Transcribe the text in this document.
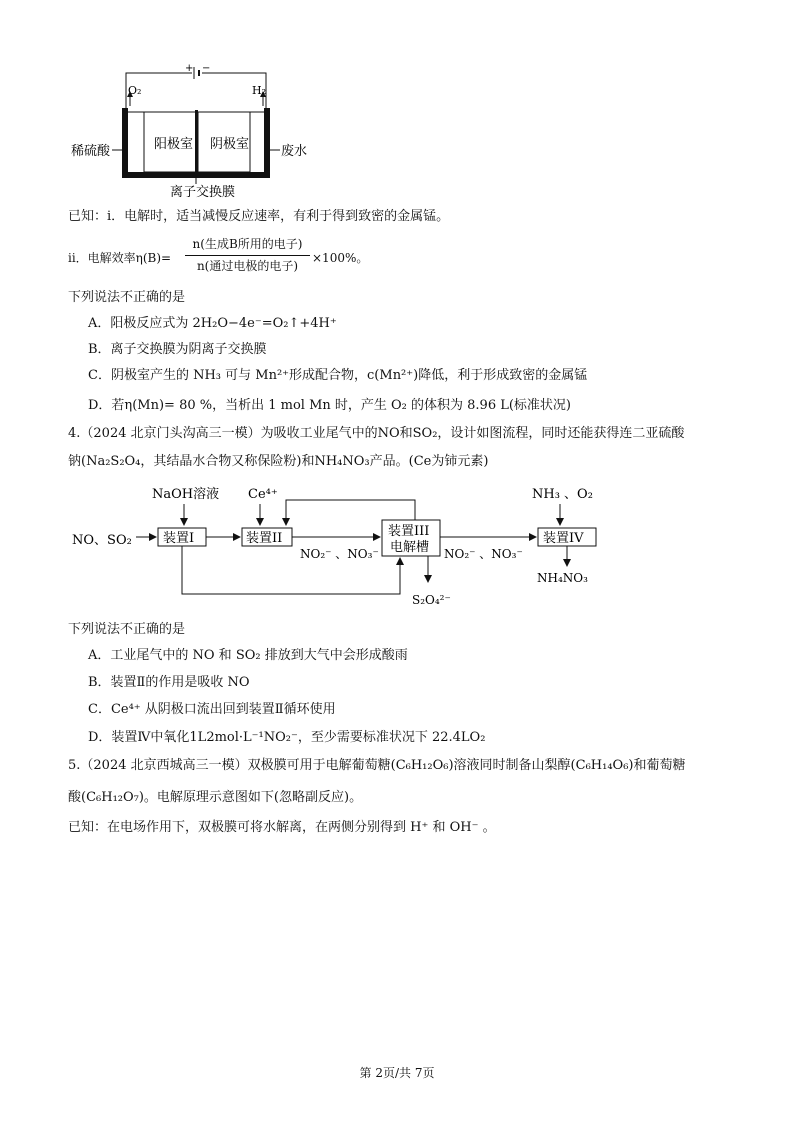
+ −
O₂	H₂
阳极室 阴极室
稀硫酸	废水
离子交换膜
已知：i．电解时，适当减慢反应速率，有利于得到致密的金属锰。
ii．电解效率η(B)=
n(生成B所用的电子)
n(通过电极的电子)
×100%。
下列说法不正确的是
A．阳极反应式为 2H₂O−4e⁻=O₂↑+4H⁺
B．离子交换膜为阴离子交换膜
C．阴极室产生的 NH₃ 可与 Mn²⁺形成配合物，c(Mn²⁺)降低，利于形成致密的金属锰
D．若η(Mn)= 80 %，当析出 1 mol Mn 时，产生 O₂ 的体积为 8.96 L(标准状况)
4.（2024 北京门头沟高三一模）为吸收工业尾气中的NO和SO₂，设计如图流程，同时还能获得连二亚硫酸
钠(Na₂S₂O₄，其结晶水合物又称保险粉)和NH₄NO₃产品。(Ce为铈元素)
NaOH溶液 Ce⁴⁺	NH₃ 、O₂
装置I	装置II	装置III
电解槽
装置IV
NO、SO₂
NO₂⁻ 、NO₃⁻	NO₂⁻ 、NO₃⁻
S₂O₄²⁻
NH₄NO₃
下列说法不正确的是
A．工业尾气中的 NO 和 SO₂ 排放到大气中会形成酸雨
B．装置Ⅱ的作用是吸收 NO
C．Ce⁴⁺ 从阴极口流出回到装置Ⅱ循环使用
D．装置Ⅳ中氧化1L2mol·L⁻¹NO₂⁻，至少需要标准状况下 22.4LO₂
5.（2024 北京西城高三一模）双极膜可用于电解葡萄糖(C₆H₁₂O₆)溶液同时制备山梨醇(C₆H₁₄O₆)和葡萄糖
酸(C₆H₁₂O₇)。电解原理示意图如下(忽略副反应)。
已知：在电场作用下，双极膜可将水解离，在两侧分别得到 H⁺ 和 OH⁻ 。
第 2页/共 7页
